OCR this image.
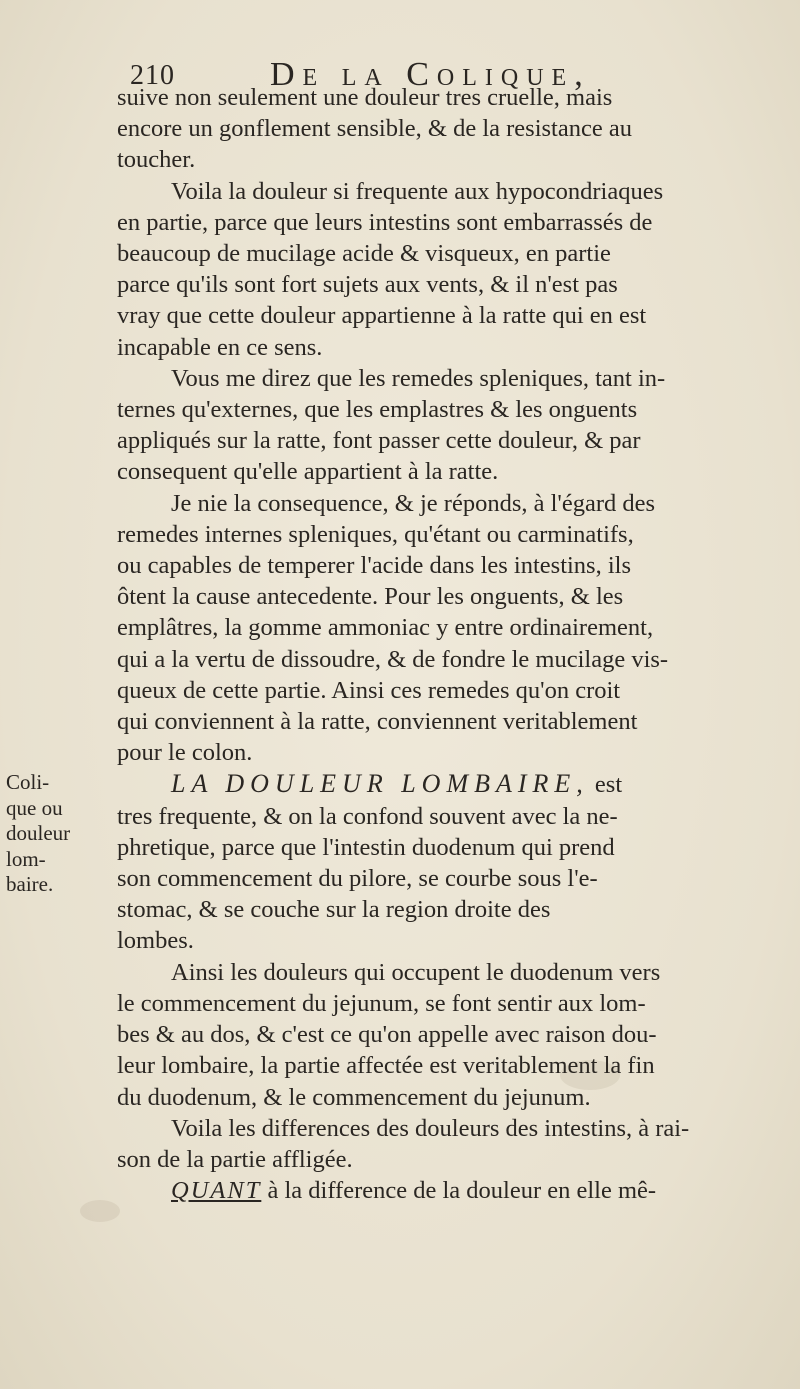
210	De la Colique,
Coli-
que ou
douleur
lom-
baire.

suive non seulement une douleur tres cruelle, mais
encore un gonflement sensible, & de la resistance au
toucher.

Voila la douleur si frequente aux hypocondriaques
en partie, parce que leurs intestins sont embarrassés de
beaucoup de mucilage acide & visqueux, en partie
parce qu'ils sont fort sujets aux vents, & il n'est pas
vray que cette douleur appartienne à la ratte qui en est
incapable en ce sens.

Vous me direz que les remedes spleniques, tant in-
ternes qu'externes, que les emplastres & les onguents
appliqués sur la ratte, font passer cette douleur, & par
consequent qu'elle appartient à la ratte.

Je nie la consequence, & je réponds, à l'égard des
remedes internes spleniques, qu'étant ou carminatifs,
ou capables de temperer l'acide dans les intestins, ils
ôtent la cause antecedente. Pour les onguents, & les
emplâtres, la gomme ammoniac y entre ordinairement,
qui a la vertu de dissoudre, & de fondre le mucilage vis-
queux de cette partie. Ainsi ces remedes qu'on croit
qui conviennent à la ratte, conviennent veritablement
pour le colon.

LA DOULEUR LOMBAIRE, est
tres frequente, & on la confond souvent avec la ne-
phretique, parce que l'intestin duodenum qui prend
son commencement du pilore, se courbe sous l'e-
stomac, & se couche sur la region droite des
lombes.

Ainsi les douleurs qui occupent le duodenum vers
le commencement du jejunum, se font sentir aux lom-
bes & au dos, & c'est ce qu'on appelle avec raison dou-
leur lombaire, la partie affectée est veritablement la fin
du duodenum, & le commencement du jejunum.

Voila les differences des douleurs des intestins, à rai-
son de la partie affligée.

QUANT à la difference de la douleur en elle mê-
